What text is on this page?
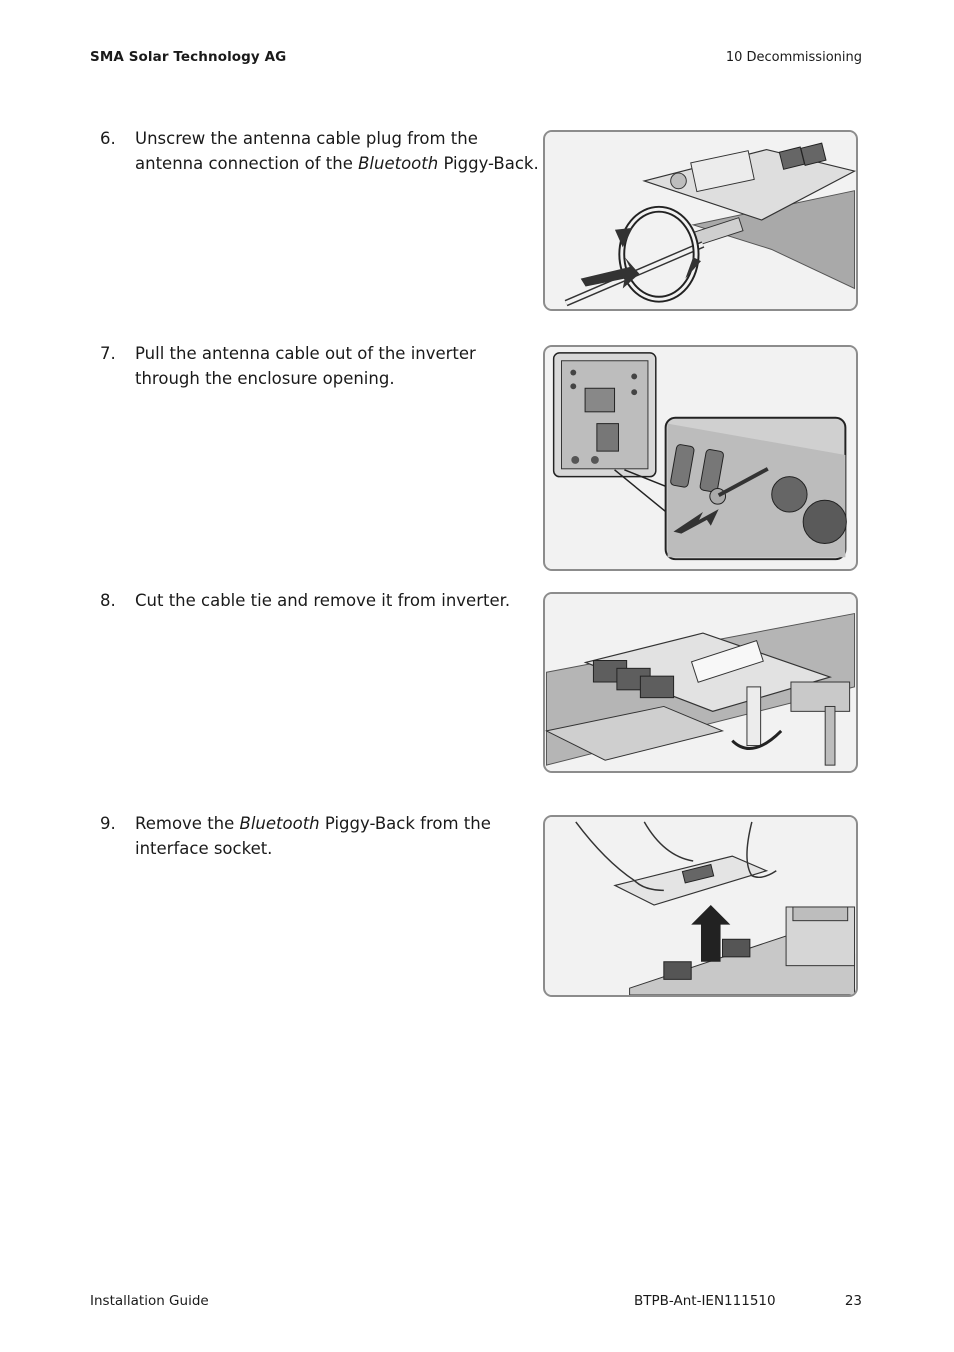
SMA Solar Technology AG	10 Decommissioning
6. Unscrew the antenna cable plug from the antenna connection of the Bluetooth Piggy-Back.
7. Pull the antenna cable out of the inverter through the enclosure opening.
8. Cut the cable tie and remove it from inverter.
9. Remove the Bluetooth Piggy-Back from the interface socket.
Installation Guide	BTPB-Ant-IEN111510	23
